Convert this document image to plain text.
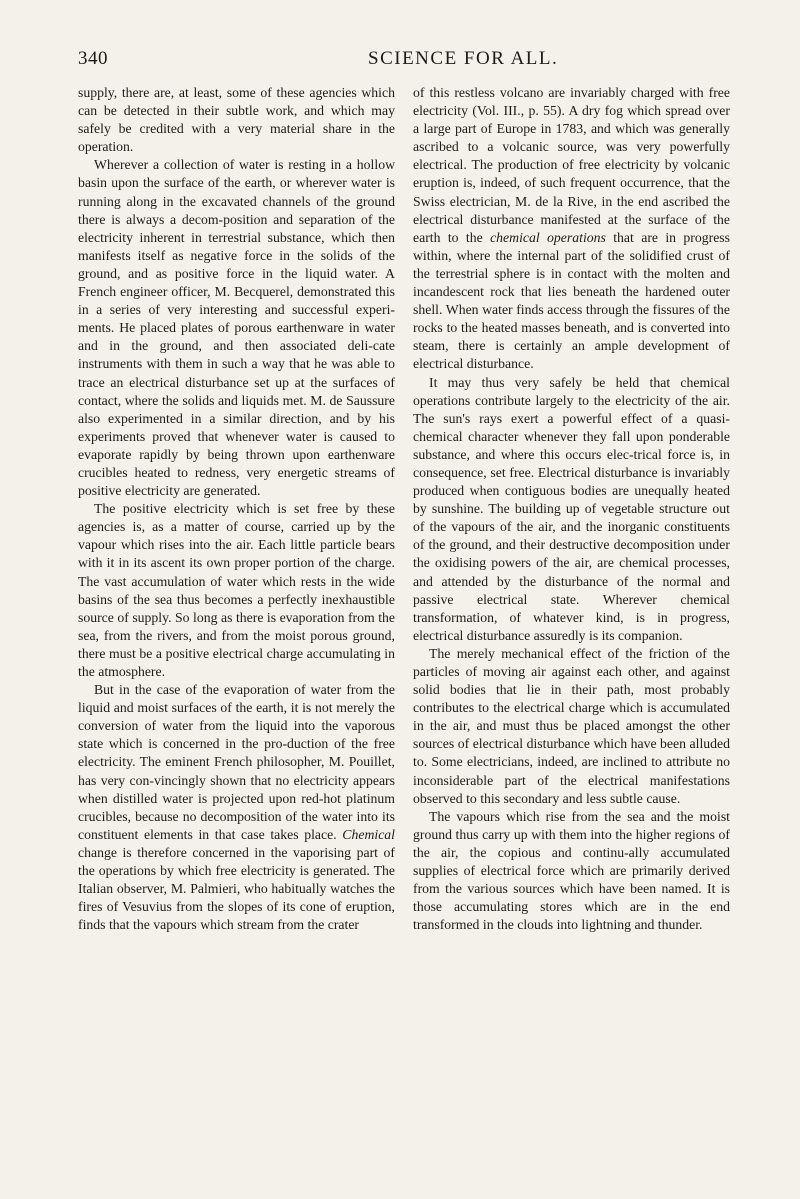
340	SCIENCE FOR ALL.

supply, there are, at least, some of these agencies which can be detected in their subtle work, and which may safely be credited with a very material share in the operation.

Wherever a collection of water is resting in a hollow basin upon the surface of the earth, or wherever water is running along in the excavated channels of the ground there is always a decom-position and separation of the electricity inherent in terrestrial substance, which then manifests itself as negative force in the solids of the ground, and as positive force in the liquid water. A French engineer officer, M. Becquerel, demonstrated this in a series of very interesting and successful experi-ments. He placed plates of porous earthenware in water and in the ground, and then associated deli-cate instruments with them in such a way that he was able to trace an electrical disturbance set up at the surfaces of contact, where the solids and liquids met. M. de Saussure also experimented in a similar direction, and by his experiments proved that whenever water is caused to evaporate rapidly by being thrown upon earthenware crucibles heated to redness, very energetic streams of positive electricity are generated.

The positive electricity which is set free by these agencies is, as a matter of course, carried up by the vapour which rises into the air. Each little particle bears with it in its ascent its own proper portion of the charge. The vast accumulation of water which rests in the wide basins of the sea thus becomes a perfectly inexhaustible source of supply. So long as there is evaporation from the sea, from the rivers, and from the moist porous ground, there must be a positive electrical charge accumulating in the atmosphere.

But in the case of the evaporation of water from the liquid and moist surfaces of the earth, it is not merely the conversion of water from the liquid into the vaporous state which is concerned in the pro-duction of the free electricity. The eminent French philosopher, M. Pouillet, has very con-vincingly shown that no electricity appears when distilled water is projected upon red-hot platinum crucibles, because no decomposition of the water into its constituent elements in that case takes place. Chemical change is therefore concerned in the vaporising part of the operations by which free electricity is generated. The Italian observer, M. Palmieri, who habitually watches the fires of Vesuvius from the slopes of its cone of eruption, finds that the vapours which stream from the crater

of this restless volcano are invariably charged with free electricity (Vol. III., p. 55). A dry fog which spread over a large part of Europe in 1783, and which was generally ascribed to a volcanic source, was very powerfully electrical. The production of free electricity by volcanic eruption is, indeed, of such frequent occurrence, that the Swiss electrician, M. de la Rive, in the end ascribed the electrical disturbance manifested at the surface of the earth to the chemical operations that are in progress within, where the internal part of the solidified crust of the terrestrial sphere is in contact with the molten and incandescent rock that lies beneath the hardened outer shell. When water finds access through the fissures of the rocks to the heated masses beneath, and is converted into steam, there is certainly an ample development of electrical disturbance.

It may thus very safely be held that chemical operations contribute largely to the electricity of the air. The sun's rays exert a powerful effect of a quasi-chemical character whenever they fall upon ponderable substance, and where this occurs elec-trical force is, in consequence, set free. Electrical disturbance is invariably produced when contiguous bodies are unequally heated by sunshine. The building up of vegetable structure out of the vapours of the air, and the inorganic constituents of the ground, and their destructive decomposition under the oxidising powers of the air, are chemical processes, and attended by the disturbance of the normal and passive electrical state. Wherever chemical transformation, of whatever kind, is in progress, electrical disturbance assuredly is its companion.

The merely mechanical effect of the friction of the particles of moving air against each other, and against solid bodies that lie in their path, most probably contributes to the electrical charge which is accumulated in the air, and must thus be placed amongst the other sources of electrical disturbance which have been alluded to. Some electricians, indeed, are inclined to attribute no inconsiderable part of the electrical manifestations observed to this secondary and less subtle cause.

The vapours which rise from the sea and the moist ground thus carry up with them into the higher regions of the air, the copious and continu-ally accumulated supplies of electrical force which are primarily derived from the various sources which have been named. It is those accumulating stores which are in the end transformed in the clouds into lightning and thunder.
